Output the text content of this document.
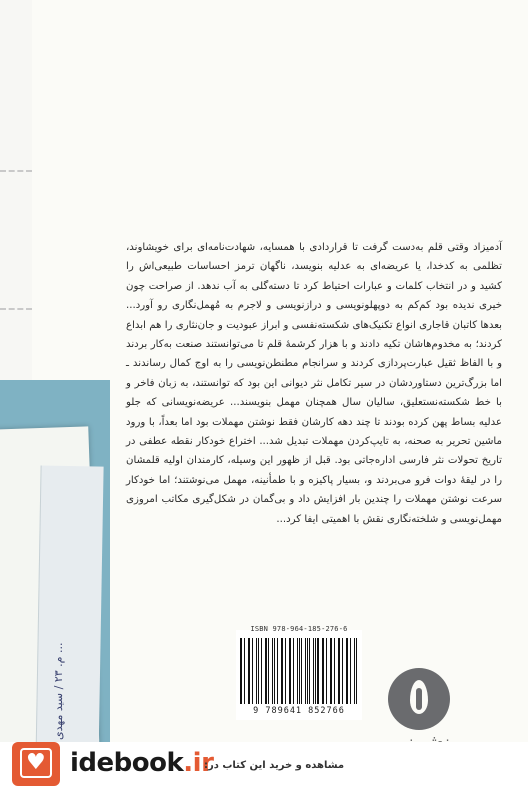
م. ۲۳ / سید مهدی ...

آدمیزاد وقتی قلم به‌دست گرفت تا قراردادی با همسایه، شهادت‌نامه‌ای برای خویشاوند، تظلمی به کدخدا، یا عریضه‌ای به عدلیه بنویسد، ناگهان ترمز احساسات طبیعی‌اش را کشید و در انتخاب کلمات و عبارات احتیاط کرد تا دسته‌گلی به آب ندهد. از صراحت چون خیری ندیده بود کم‌کم به دوپهلونویسی و درازنویسی و لاجرم به مُهمل‌نگاری رو آورد... بعدها کاتبان قاجاری انواع تکنیک‌های شکسته‌نفسی و ابراز عبودیت و جان‌نثاری را هم ابداع کردند؛ به مخدوم‌هاشان تکیه دادند و با هزار کرشمهٔ قلم تا می‌توانستند صنعت به‌کار بردند و با الفاظ ثقیل عبارت‌پردازی کردند و سرانجام مطنطن‌نویسی را به اوج کمال رساندند ـ اما بزرگ‌ترین دستاوردشان در سیر تکامل نثر دیوانی این بود که توانستند، به زبان فاخر و با خط شکسته‌نستعلیق، سالیان سال همچنان مهمل بنویسند... عریضه‌نویسانی که جلو عدلیه بساط پهن کرده بودند تا چند دهه کارشان فقط نوشتن مهملات بود اما بعداً، با ورود ماشین تحریر به صحنه، به تایپ‌کردن مهملات تبدیل شد... اختراع خودکار نقطه عطفی در تاریخ تحولات نثر فارسی اداره‌جاتی بود. قبل از ظهور این وسیله، کارمندان اولیه قلمشان را در لیقهٔ دوات فرو می‌بردند و، بسیار پاکیزه و با طمأنینه، مهمل می‌نوشتند؛ اما خودکار سرعت نوشتن مهملات را چندین بار افزایش داد و بی‌گمان در شکل‌گیری مکاتب امروزی مهمل‌نویسی و شلخته‌نگاری نقش با اهمیتی ایفا کرد...

ISBN 978-964-185-276-6
9 789641 852766
♥ idebook.ir
مشاهده و خرید این کتاب در:
